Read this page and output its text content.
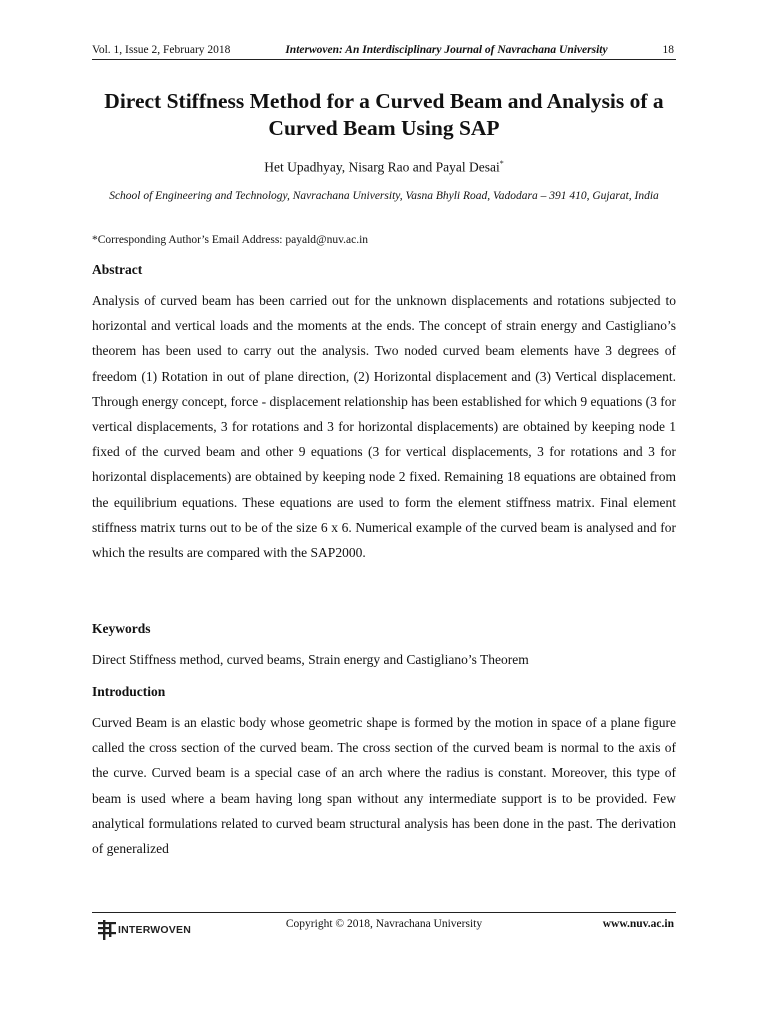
Vol. 1, Issue 2, February 2018	Interwoven: An Interdisciplinary Journal of Navrachana University	18
Direct Stiffness Method for a Curved Beam and Analysis of a Curved Beam Using SAP
Het Upadhyay, Nisarg Rao and Payal Desai*
School of Engineering and Technology, Navrachana University, Vasna Bhyli Road, Vadodara – 391 410, Gujarat, India
*Corresponding Author’s Email Address: payald@nuv.ac.in
Abstract

Analysis of curved beam has been carried out for the unknown displacements and rotations subjected to horizontal and vertical loads and the moments at the ends. The concept of strain energy and Castigliano’s theorem has been used to carry out the analysis. Two noded curved beam elements have 3 degrees of freedom (1) Rotation in out of plane direction, (2) Horizontal displacement and (3) Vertical displacement. Through energy concept, force - displacement relationship has been established for which 9 equations (3 for vertical displacements, 3 for rotations and 3 for horizontal displacements) are obtained by keeping node 1 fixed of the curved beam and other 9 equations (3 for vertical displacements, 3 for rotations and 3 for horizontal displacements) are obtained by keeping node 2 fixed. Remaining 18 equations are obtained from the equilibrium equations. These equations are used to form the element stiffness matrix. Final element stiffness matrix turns out to be of the size 6 x 6. Numerical example of the curved beam is analysed and for which the results are compared with the SAP2000.

Keywords
Direct Stiffness method, curved beams, Strain energy and Castigliano’s Theorem
Introduction

Curved Beam is an elastic body whose geometric shape is formed by the motion in space of a plane figure called the cross section of the curved beam. The cross section of the curved beam is normal to the axis of the curve. Curved beam is a special case of an arch where the radius is constant. Moreover, this type of beam is used where a beam having long span without any intermediate support is to be provided. Few analytical formulations related to curved beam structural analysis has been done in the past. The derivation of generalized

INTERWOVEN	Copyright © 2018, Navrachana University	www.nuv.ac.in
